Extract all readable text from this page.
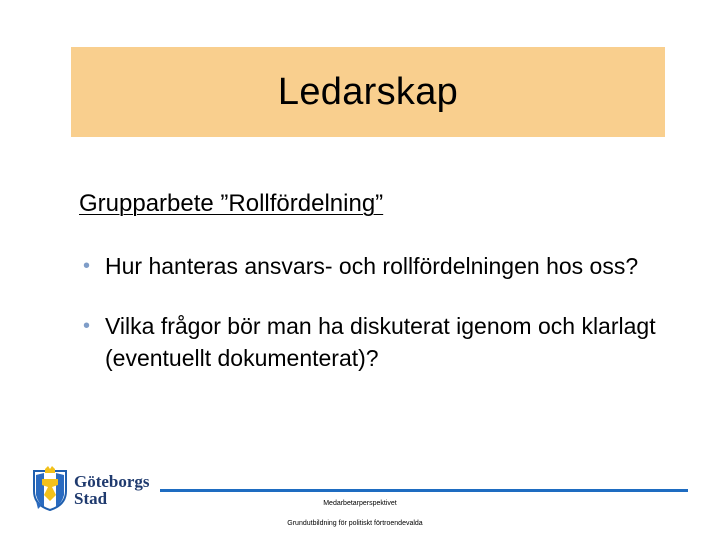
Ledarskap
Grupparbete ”Rollfördelning”
• Hur hanteras ansvars- och rollfördelningen hos oss?
• Vilka frågor bör man ha diskuterat igenom och klarlagt (eventuellt dokumenterat)?
Göteborgs
Stad	Medarbetarperspektivet
Grundutbildning för politiskt förtroendevalda
